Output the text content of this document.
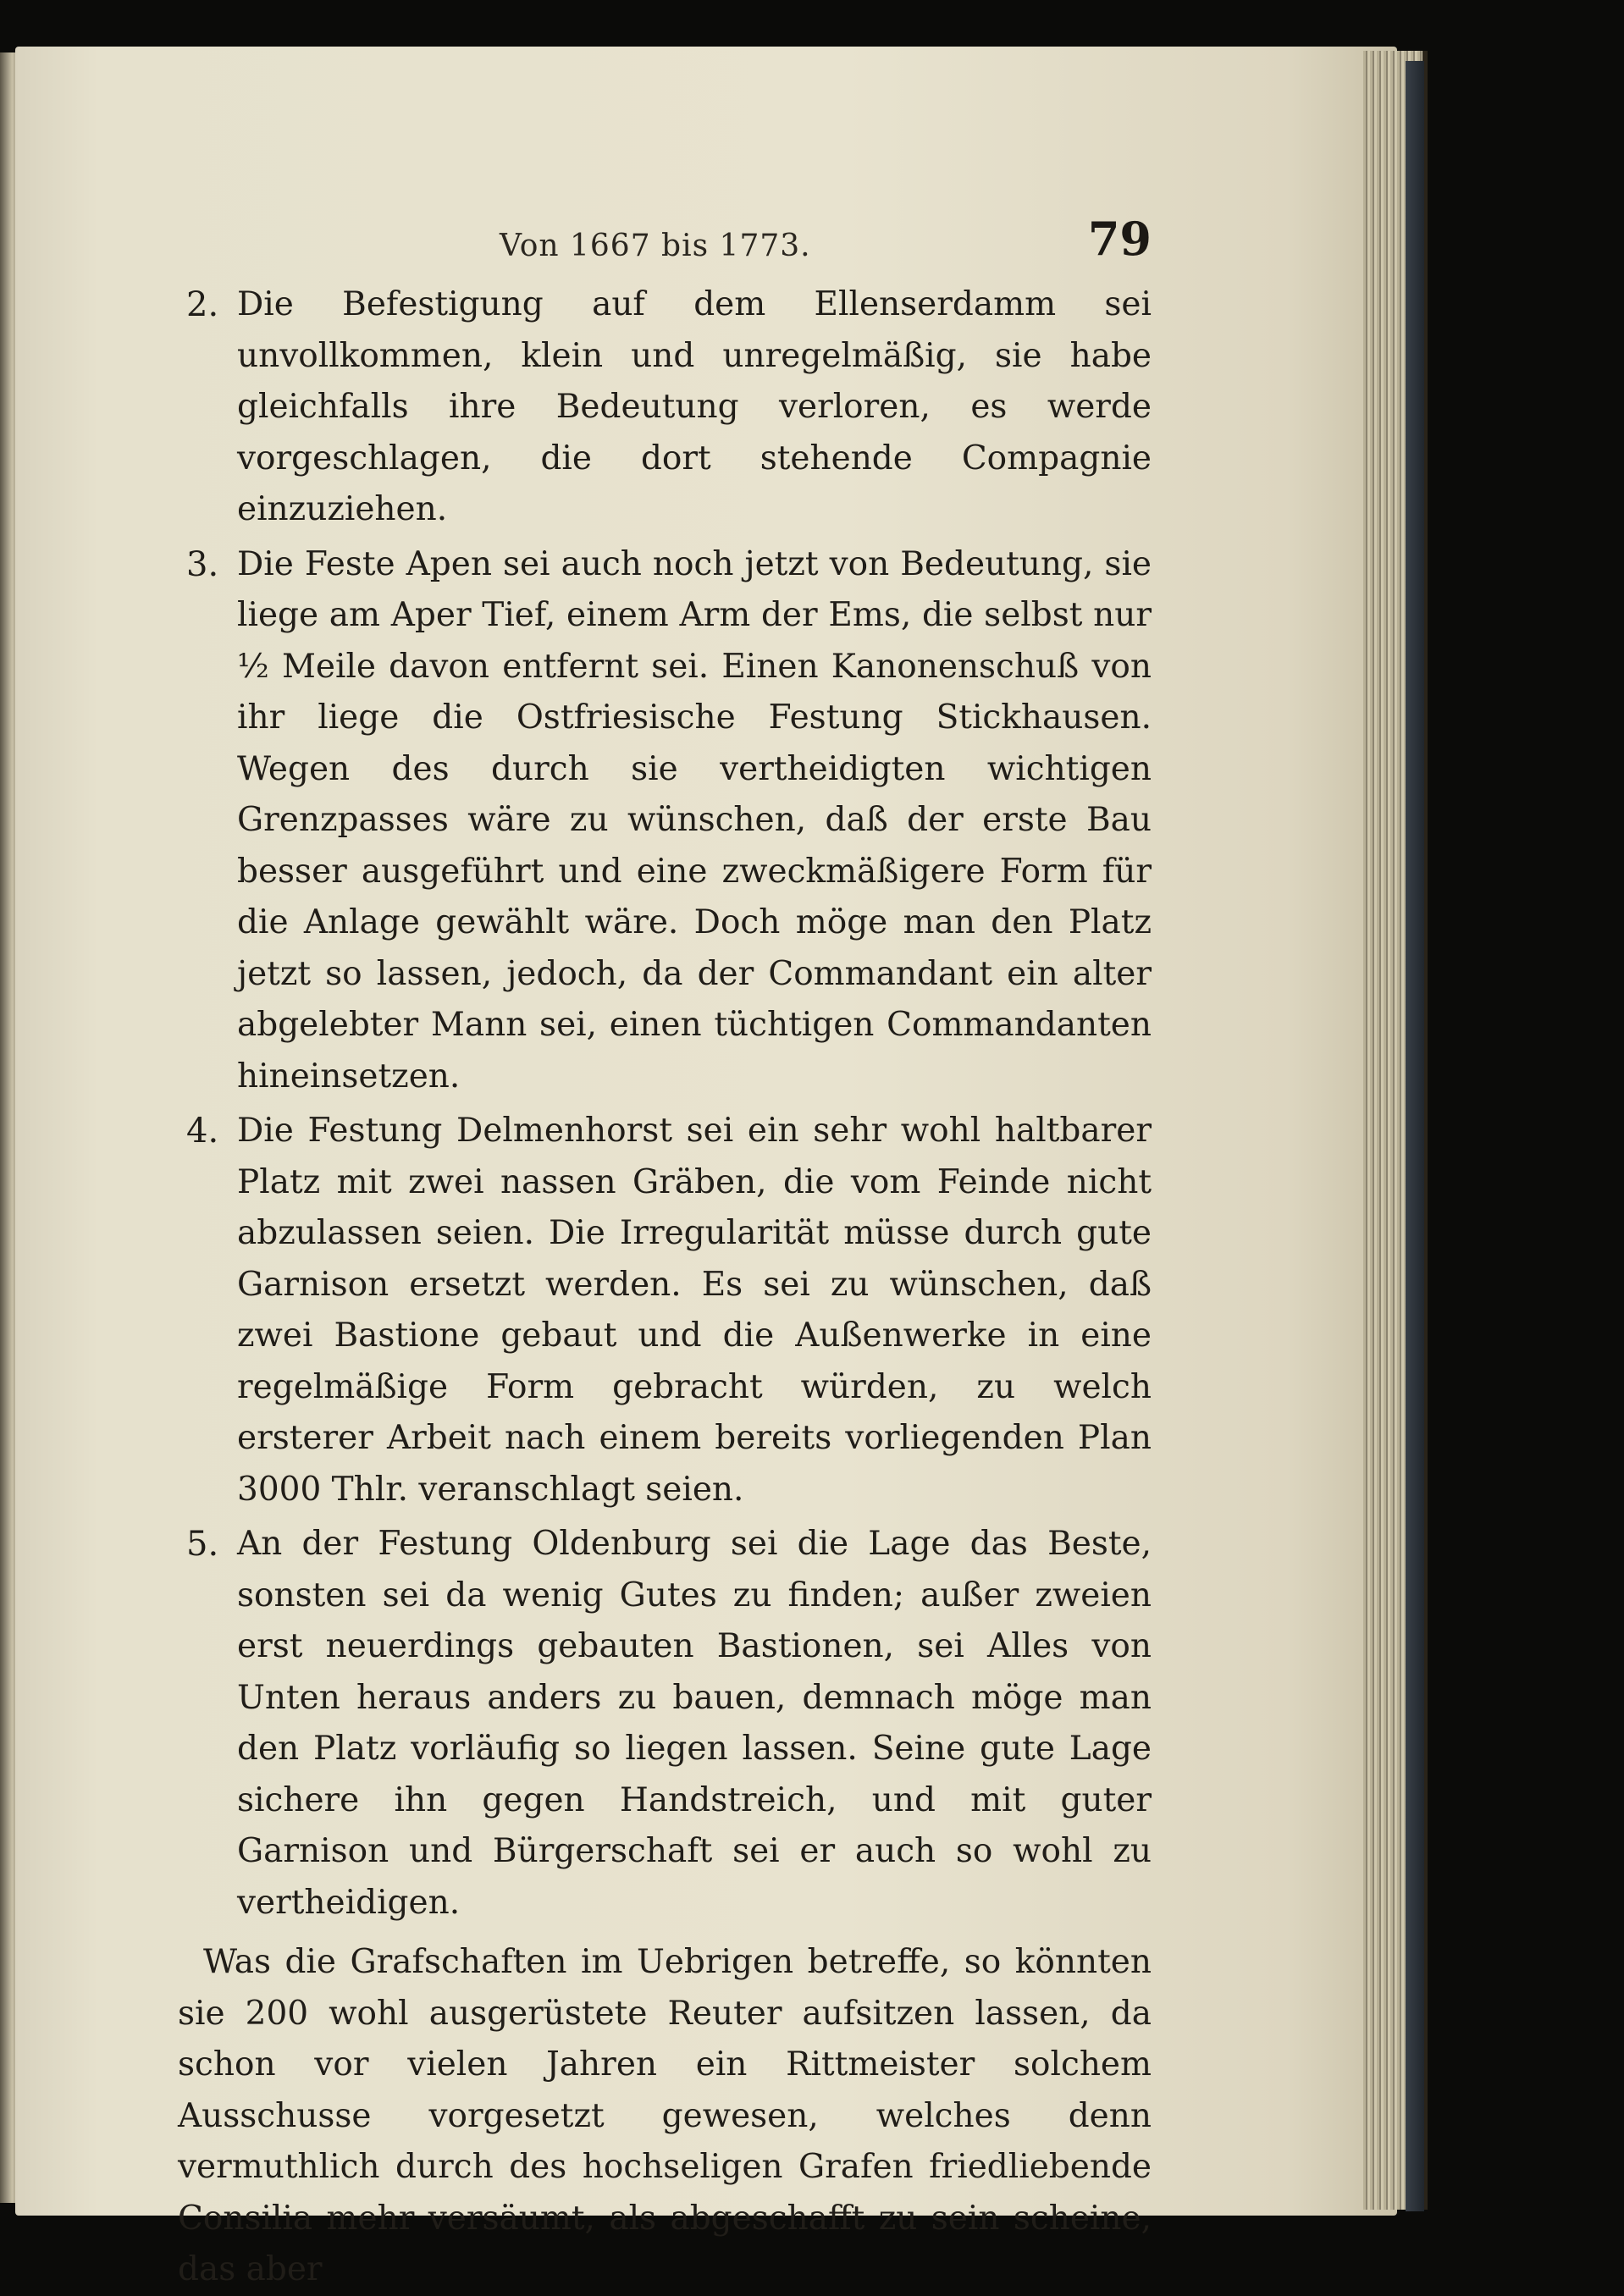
Von 1667 bis 1773.	79
2. Die Befestigung auf dem Ellenserdamm sei unvollkommen, klein und unregelmäßig, sie habe gleichfalls ihre Bedeutung verloren, es werde vorgeschlagen, die dort stehende Compagnie einzuziehen.

3. Die Feste Apen sei auch noch jetzt von Bedeutung, sie liege am Aper Tief, einem Arm der Ems, die selbst nur ½ Meile davon entfernt sei. Einen Kanonenschuß von ihr liege die Ostfriesische Festung Stickhausen. Wegen des durch sie vertheidigten wichtigen Grenzpasses wäre zu wünschen, daß der erste Bau besser ausgeführt und eine zweckmäßigere Form für die Anlage gewählt wäre. Doch möge man den Platz jetzt so lassen, jedoch, da der Commandant ein alter abgelebter Mann sei, einen tüchtigen Commandanten hineinsetzen.

4. Die Festung Delmenhorst sei ein sehr wohl haltbarer Platz mit zwei nassen Gräben, die vom Feinde nicht abzulassen seien. Die Irregularität müsse durch gute Garnison ersetzt werden. Es sei zu wünschen, daß zwei Bastione gebaut und die Außenwerke in eine regelmäßige Form gebracht würden, zu welch ersterer Arbeit nach einem bereits vorliegenden Plan 3000 Thlr. veranschlagt seien.

5. An der Festung Oldenburg sei die Lage das Beste, sonsten sei da wenig Gutes zu finden; außer zweien erst neuerdings gebauten Bastionen, sei Alles von Unten heraus anders zu bauen, demnach möge man den Platz vorläufig so liegen lassen. Seine gute Lage sichere ihn gegen Handstreich, und mit guter Garnison und Bürgerschaft sei er auch so wohl zu vertheidigen.

Was die Grafschaften im Uebrigen betreffe, so könnten sie 200 wohl ausgerüstete Reuter aufsitzen lassen, da schon vor vielen Jahren ein Rittmeister solchem Ausschusse vorgesetzt gewesen, welches denn vermuthlich durch des hochseligen Grafen friedliebende Consilia mehr versäumt, als abgeschafft zu sein scheine, das aber
